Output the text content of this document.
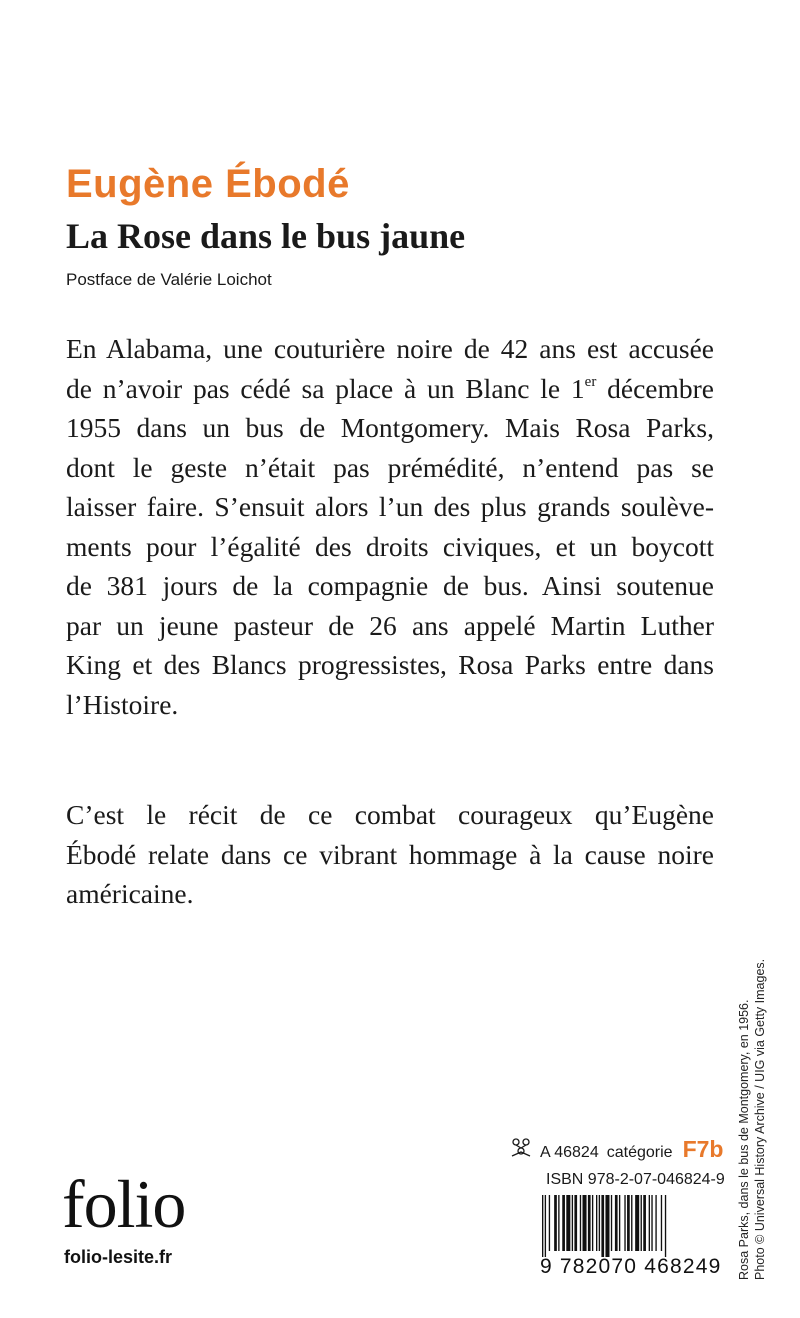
Eugène Ébodé
La Rose dans le bus jaune
Postface de Valérie Loichot

En Alabama, une couturière noire de 42 ans est accusée
de n’avoir pas cédé sa place à un Blanc le 1er décembre
1955 dans un bus de Montgomery. Mais Rosa Parks,
dont le geste n’était pas prémédité, n’entend pas se
laisser faire. S’ensuit alors l’un des plus grands soulève-
ments pour l’égalité des droits civiques, et un boycott
de 381 jours de la compagnie de bus. Ainsi soutenue
par un jeune pasteur de 26 ans appelé Martin Luther
King et des Blancs progressistes, Rosa Parks entre dans
l’Histoire.

C’est le récit de ce combat courageux qu’Eugène
Ébodé relate dans ce vibrant hommage à la cause noire
américaine.

Rosa Parks, dans le bus de Montgomery, en 1956. Photo © Universal History Archive / UIG via Getty Images.
folio
folio-lesite.fr
A 46824 catégorie F7b
ISBN 978-2-07-046824-9
9 782070 468249
